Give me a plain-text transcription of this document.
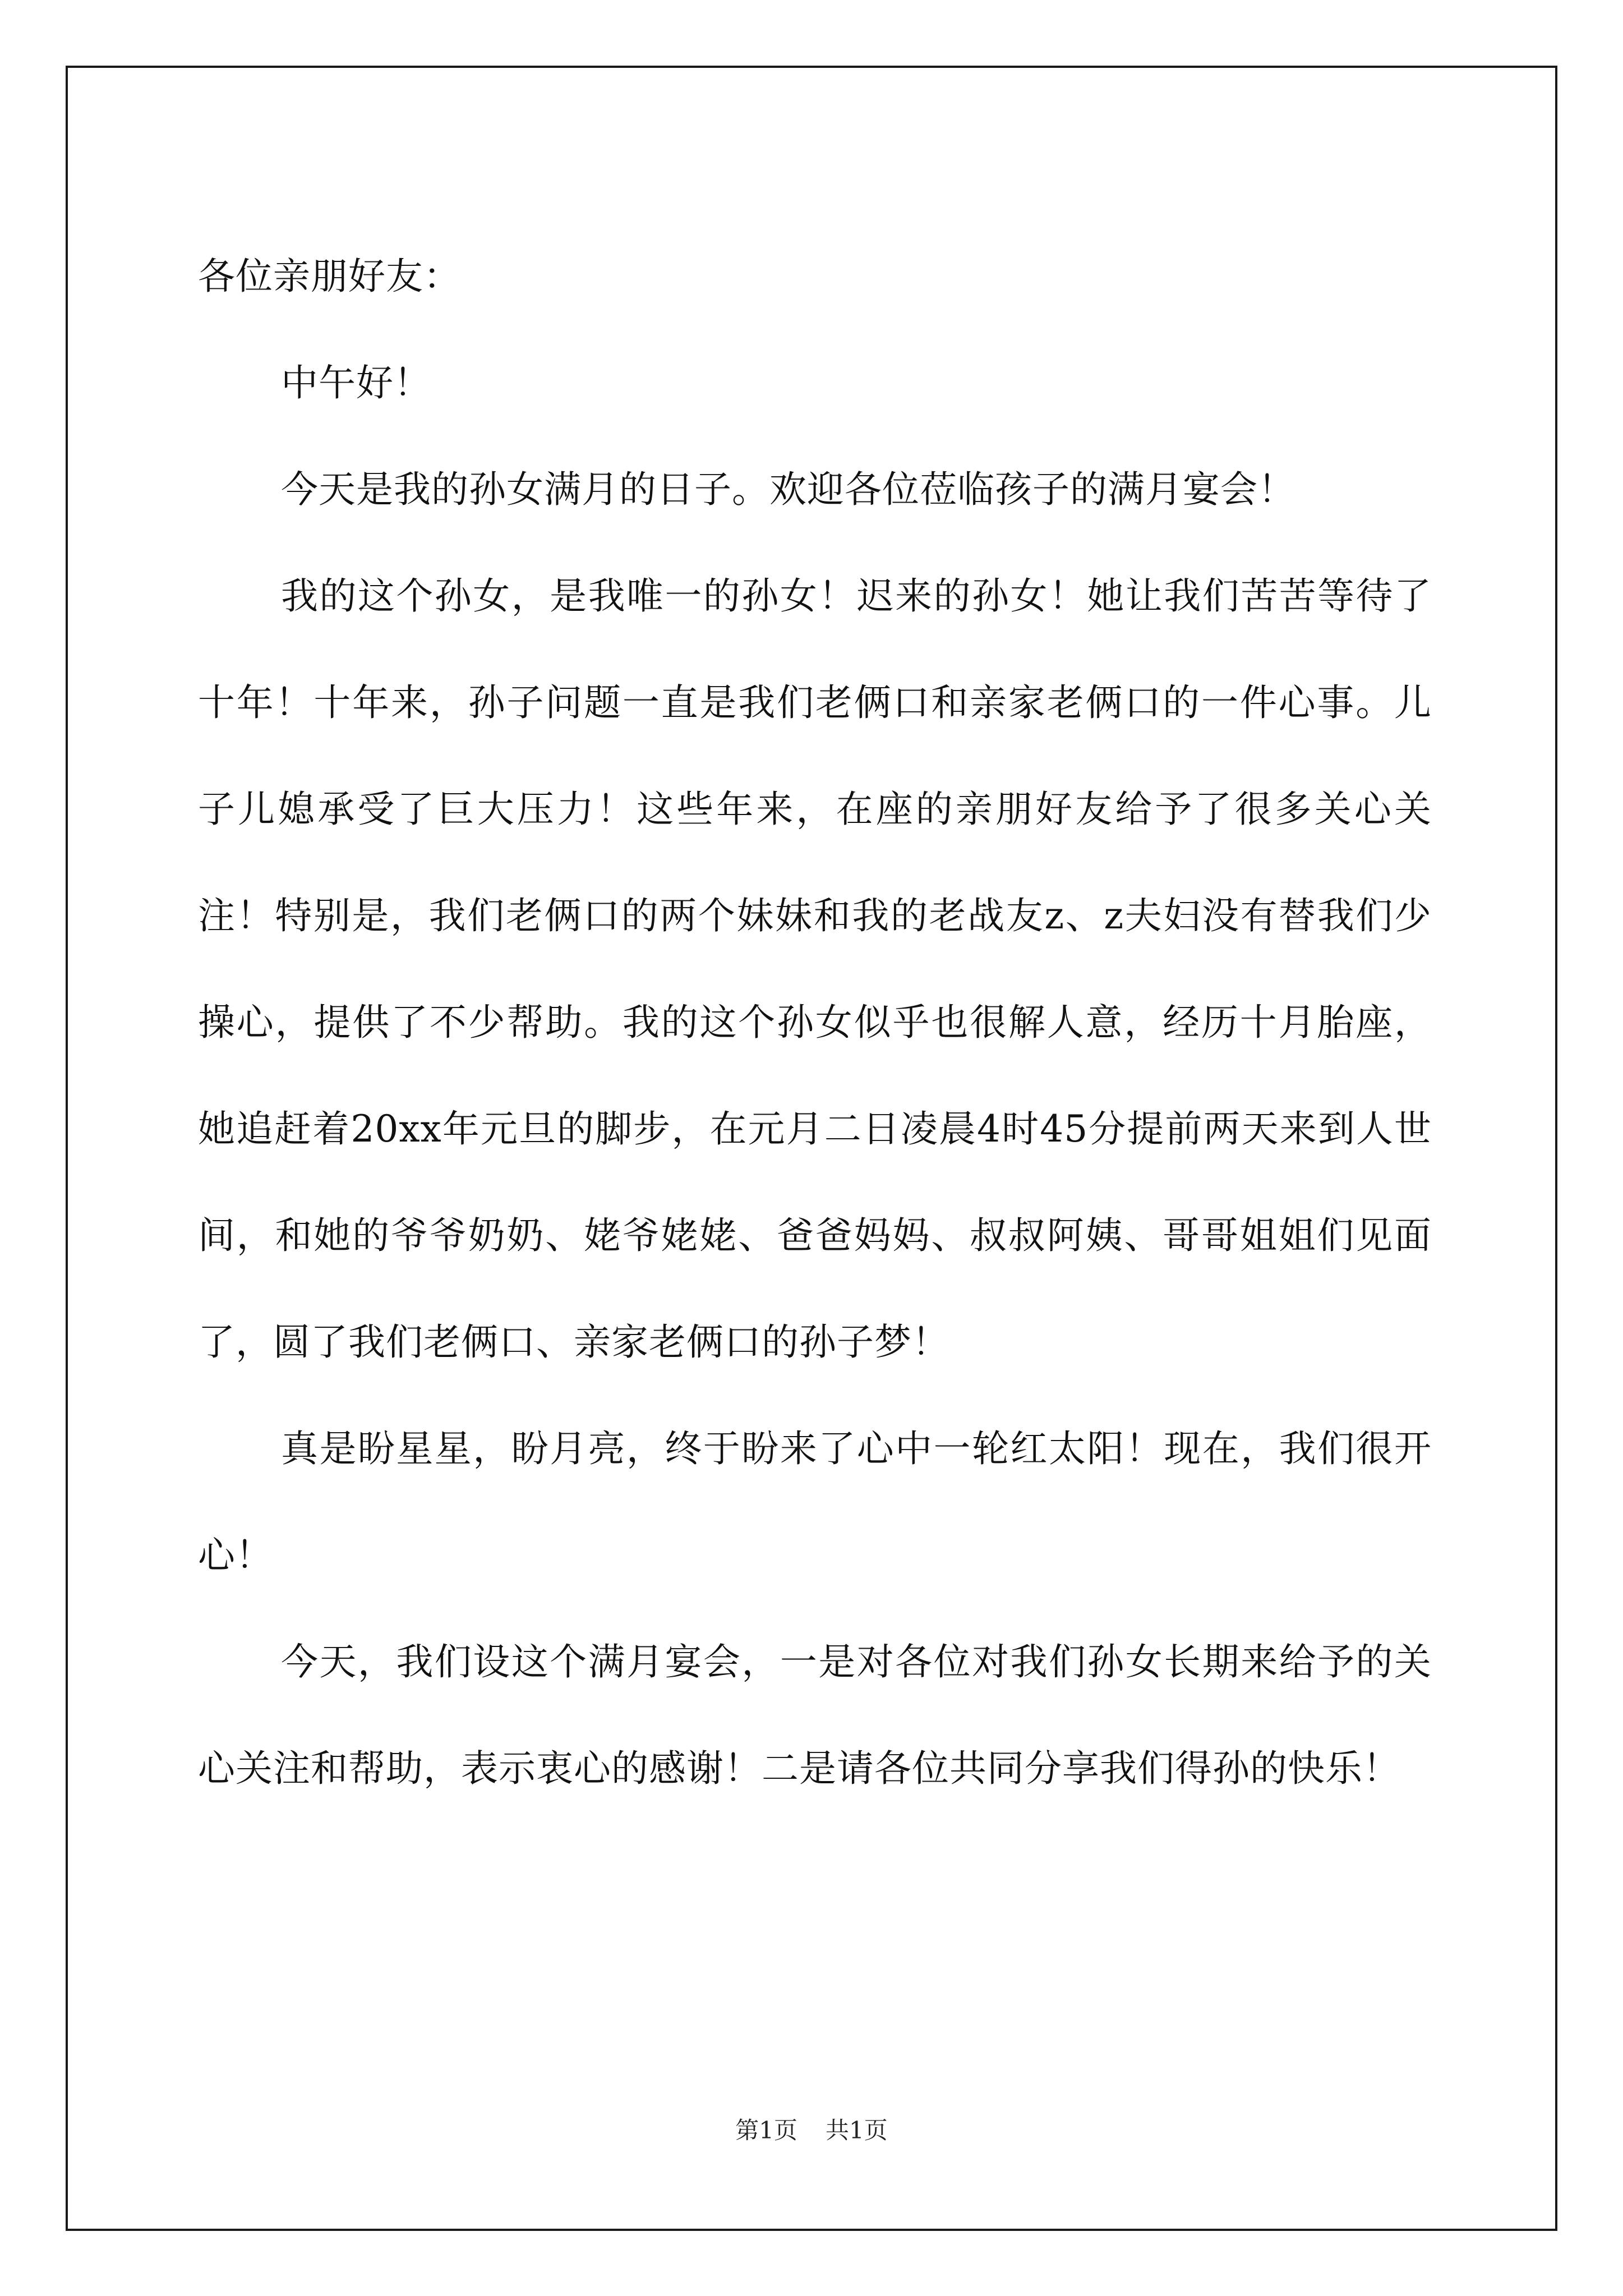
各位亲朋好友：

中午好！

今天是我的孙女满月的日子。欢迎各位莅临孩子的满月宴会！

我的这个孙女，是我唯一的孙女！迟来的孙女！她让我们苦苦等待了十年！十年来，孙子问题一直是我们老俩口和亲家老俩口的一件心事。儿子儿媳承受了巨大压力！这些年来，在座的亲朋好友给予了很多关心关注！特别是，我们老俩口的两个妹妹和我的老战友z、z夫妇没有替我们少操心，提供了不少帮助。我的这个孙女似乎也很解人意，经历十月胎座，她追赶着20xx年元旦的脚步，在元月二日凌晨4时45分提前两天来到人世间，和她的爷爷奶奶、姥爷姥姥、爸爸妈妈、叔叔阿姨、哥哥姐姐们见面了，圆了我们老俩口、亲家老俩口的孙子梦！

真是盼星星，盼月亮，终于盼来了心中一轮红太阳！现在，我们很开心！

今天，我们设这个满月宴会，一是对各位对我们孙女长期来给予的关心关注和帮助，表示衷心的感谢！二是请各位共同分享我们得孙的快乐！

第1页 共1页
